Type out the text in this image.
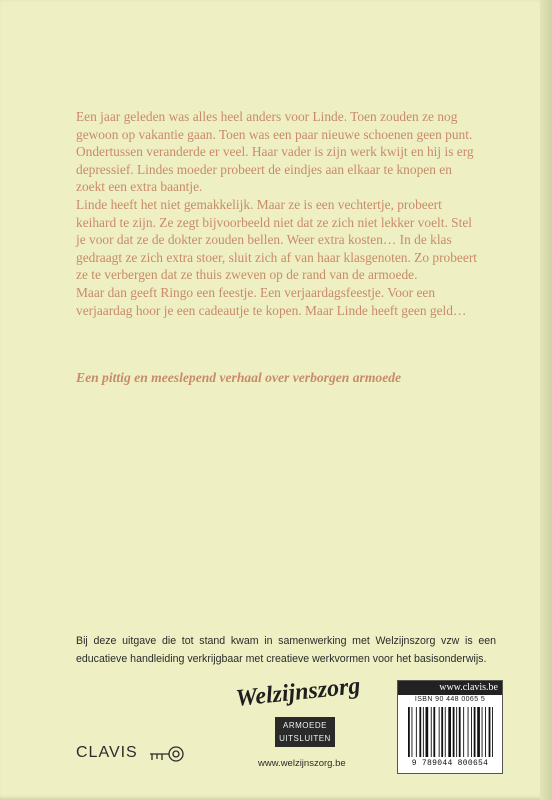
Een jaar geleden was alles heel anders voor Linde. Toen zouden ze nog gewoon op vakantie gaan. Toen was een paar nieuwe schoenen geen punt. Ondertussen veranderde er veel. Haar vader is zijn werk kwijt en hij is erg depressief. Lindes moeder probeert de eindjes aan elkaar te knopen en zoekt een extra baantje.

Linde heeft het niet gemakkelijk. Maar ze is een vechtertje, probeert keihard te zijn. Ze zegt bijvoorbeeld niet dat ze zich niet lekker voelt. Stel je voor dat ze de dokter zouden bellen. Weer extra kosten… In de klas gedraagt ze zich extra stoer, sluit zich af van haar klasgenoten. Zo probeert ze te verbergen dat ze thuis zweven op de rand van de armoede.

Maar dan geeft Ringo een feestje. Een verjaardagsfeestje. Voor een verjaardag hoor je een cadeautje te kopen. Maar Linde heeft geen geld…

Een pittig en meeslepend verhaal over verborgen armoede

Bij deze uitgave die tot stand kwam in samenwerking met Welzijnszorg vzw is een educatieve handleiding verkrijgbaar met creatieve werkvormen voor het basisonderwijs.

CLAVIS
Welzijnszorg
ARMOEDE
UITSLUITEN
www.welzijnszorg.be
www.clavis.be
ISBN 90 448 0065 5
9 789044 800654
